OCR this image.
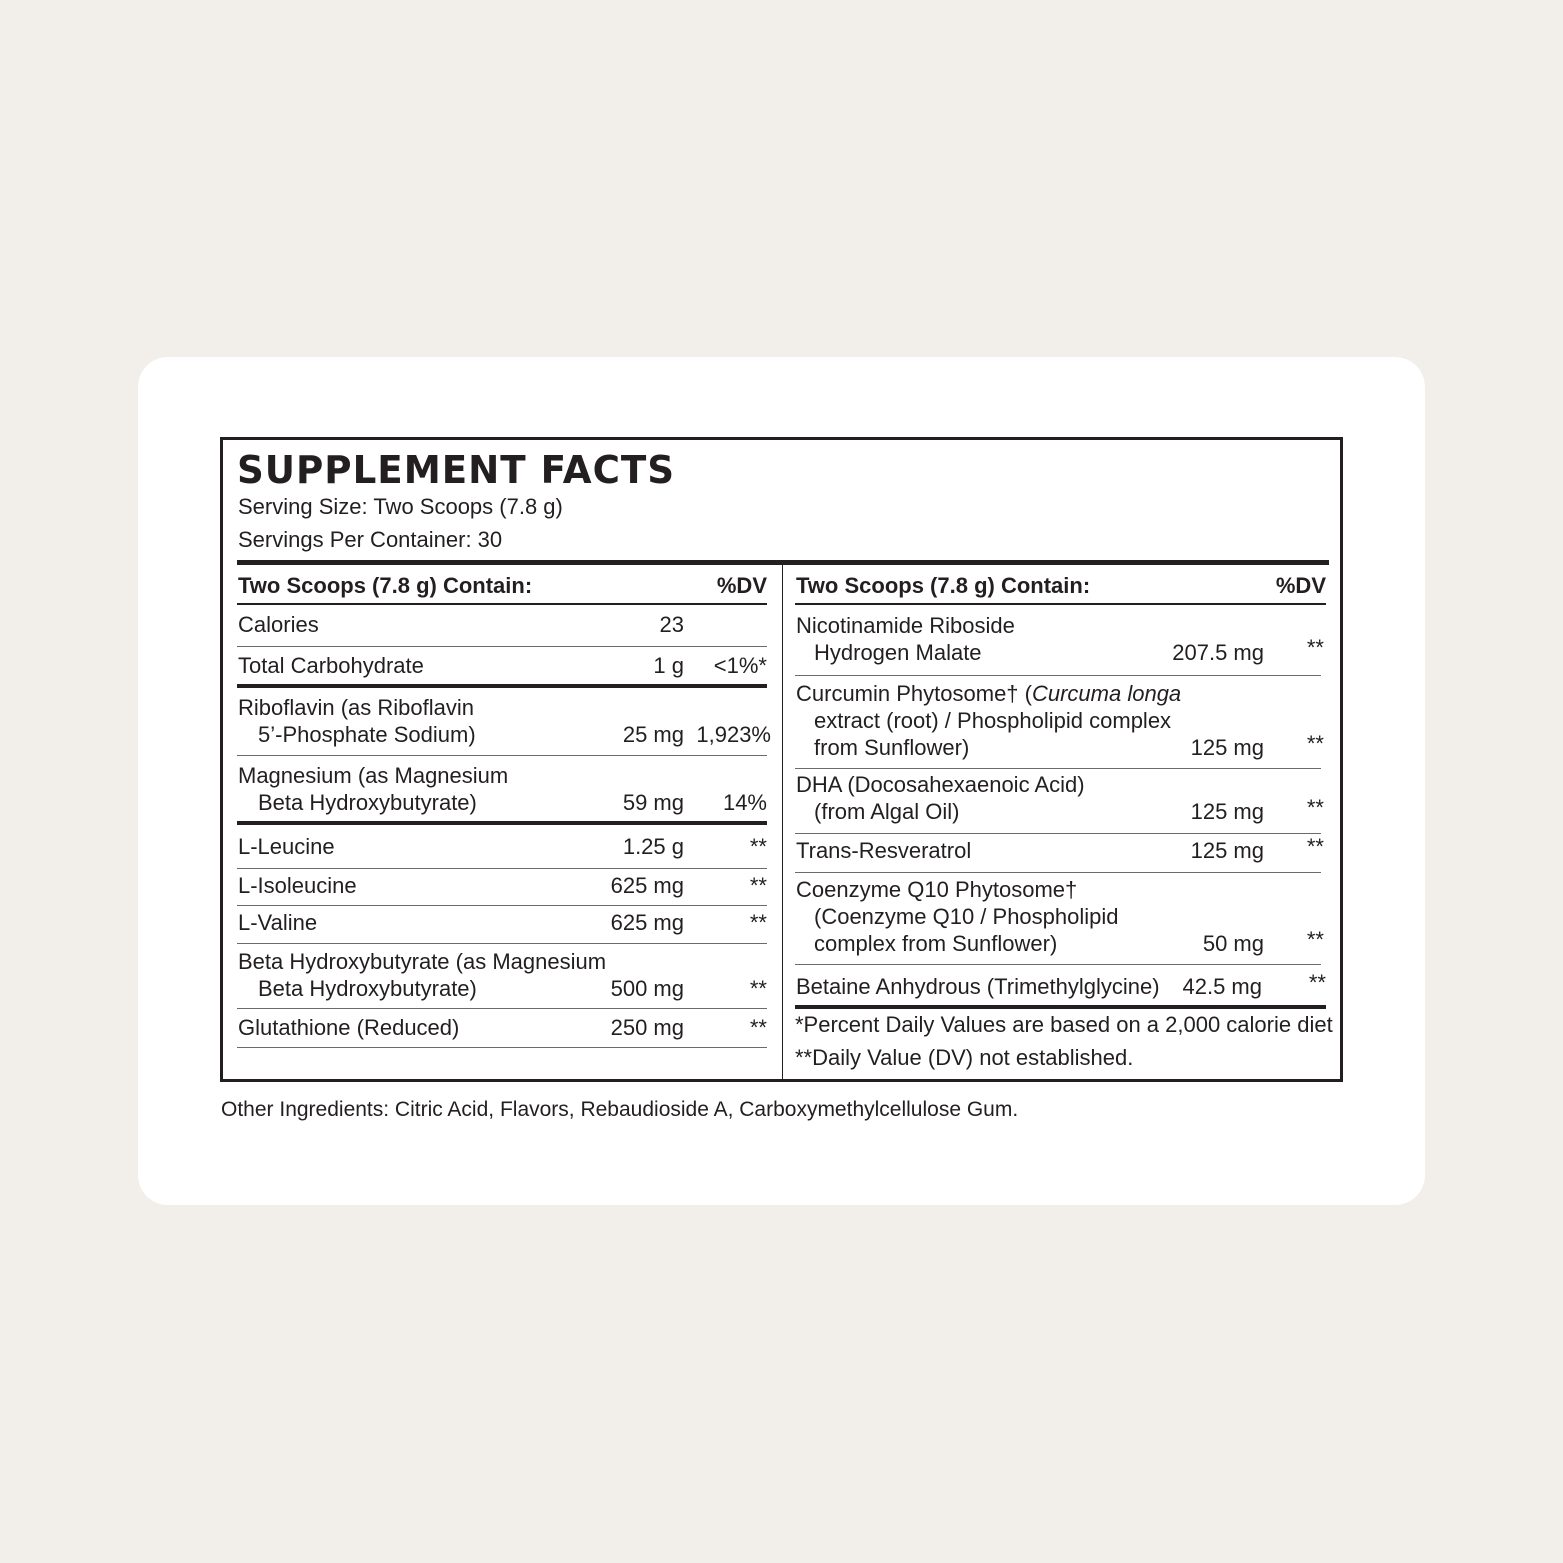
SUPPLEMENT FACTS
Serving Size: Two Scoops (7.8 g)
Servings Per Container: 30
Two Scoops (7.8 g) Contain:	%DV
Calories	23
Total Carbohydrate	1 g <1%*
Riboflavin (as Riboflavin
5’-Phosphate Sodium)	25 mg 1,923%
Magnesium (as Magnesium
Beta Hydroxybutyrate)	59 mg 14%
L-Leucine	1.25 g	**
L-Isoleucine	625 mg	**
L-Valine	625 mg	**
Beta Hydroxybutyrate (as Magnesium
Beta Hydroxybutyrate)	500 mg	**
Glutathione (Reduced)	250 mg	**
Two Scoops (7.8 g) Contain:	%DV
Nicotinamide Riboside
Hydrogen Malate	207.5 mg **
Curcumin Phytosome† (Curcuma longa
extract (root) / Phospholipid complex
from Sunflower)	125 mg **
DHA (Docosahexaenoic Acid)
(from Algal Oil)	125 mg **
Trans-Resveratrol	125 mg **
Coenzyme Q10 Phytosome†
(Coenzyme Q10 / Phospholipid
complex from Sunflower)	50 mg **
Betaine Anhydrous (Trimethylglycine) 42.5 mg **
*Percent Daily Values are based on a 2,000 calorie diet
**Daily Value (DV) not established.
Other Ingredients: Citric Acid, Flavors, Rebaudioside A, Carboxymethylcellulose Gum.
